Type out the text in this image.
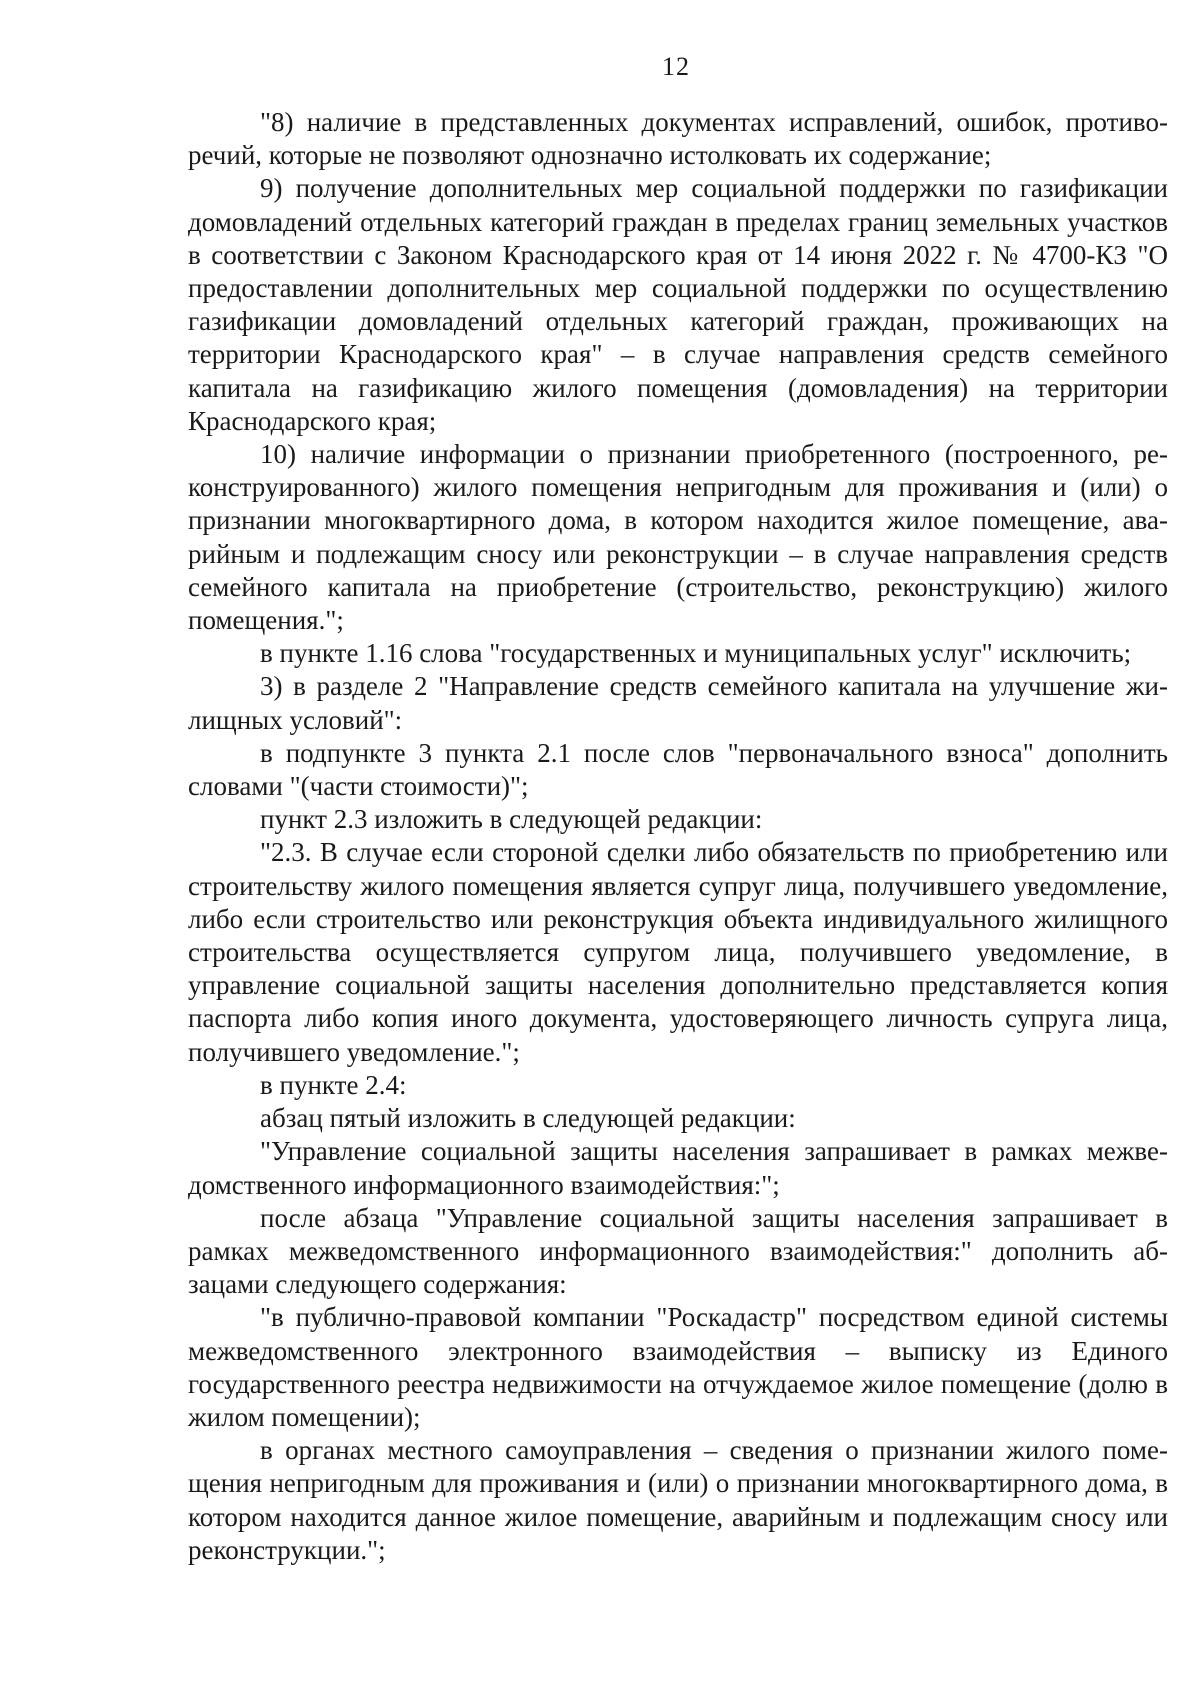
12

"8) наличие в представленных документах исправлений, ошибок, противоречий, которые не позволяют однозначно истолковать их содержание;

9) получение дополнительных мер социальной поддержки по газификации домовладений отдельных категорий граждан в пределах границ земельных участков в соответствии с Законом Краснодарского края от 14 июня 2022 г. № 4700-КЗ "О предоставлении дополнительных мер социальной поддержки по осуществлению газификации домовладений отдельных категорий граждан, проживающих на территории Краснодарского края" – в случае направления средств семейного капитала на газификацию жилого помещения (домовладения) на территории Краснодарского края;

10) наличие информации о признании приобретенного (построенного, реконструированного) жилого помещения непригодным для проживания и (или) о признании многоквартирного дома, в котором находится жилое помещение, аварийным и подлежащим сносу или реконструкции – в случае направления средств семейного капитала на приобретение (строительство, реконструкцию) жилого помещения.";

в пункте 1.16 слова "государственных и муниципальных услуг" исключить;

3) в разделе 2 "Направление средств семейного капитала на улучшение жилищных условий":

в подпункте 3 пункта 2.1 после слов "первоначального взноса" дополнить словами "(части стоимости)";

пункт 2.3 изложить в следующей редакции:

"2.3. В случае если стороной сделки либо обязательств по приобретению или строительству жилого помещения является супруг лица, получившего уведомление, либо если строительство или реконструкция объекта индивидуального жилищного строительства осуществляется супругом лица, получившего уведомление, в управление социальной защиты населения дополнительно представляется копия паспорта либо копия иного документа, удостоверяющего личность супруга лица, получившего уведомление.";

в пункте 2.4:

абзац пятый изложить в следующей редакции:

"Управление социальной защиты населения запрашивает в рамках межведомственного информационного взаимодействия:";

после абзаца "Управление социальной защиты населения запрашивает в рамках межведомственного информационного взаимодействия:" дополнить абзацами следующего содержания:

"в публично-правовой компании "Роскадастр" посредством единой системы межведомственного электронного взаимодействия – выписку из Единого государственного реестра недвижимости на отчуждаемое жилое помещение (долю в жилом помещении);

в органах местного самоуправления – сведения о признании жилого помещения непригодным для проживания и (или) о признании многоквартирного дома, в котором находится данное жилое помещение, аварийным и подлежащим сносу или реконструкции.";
